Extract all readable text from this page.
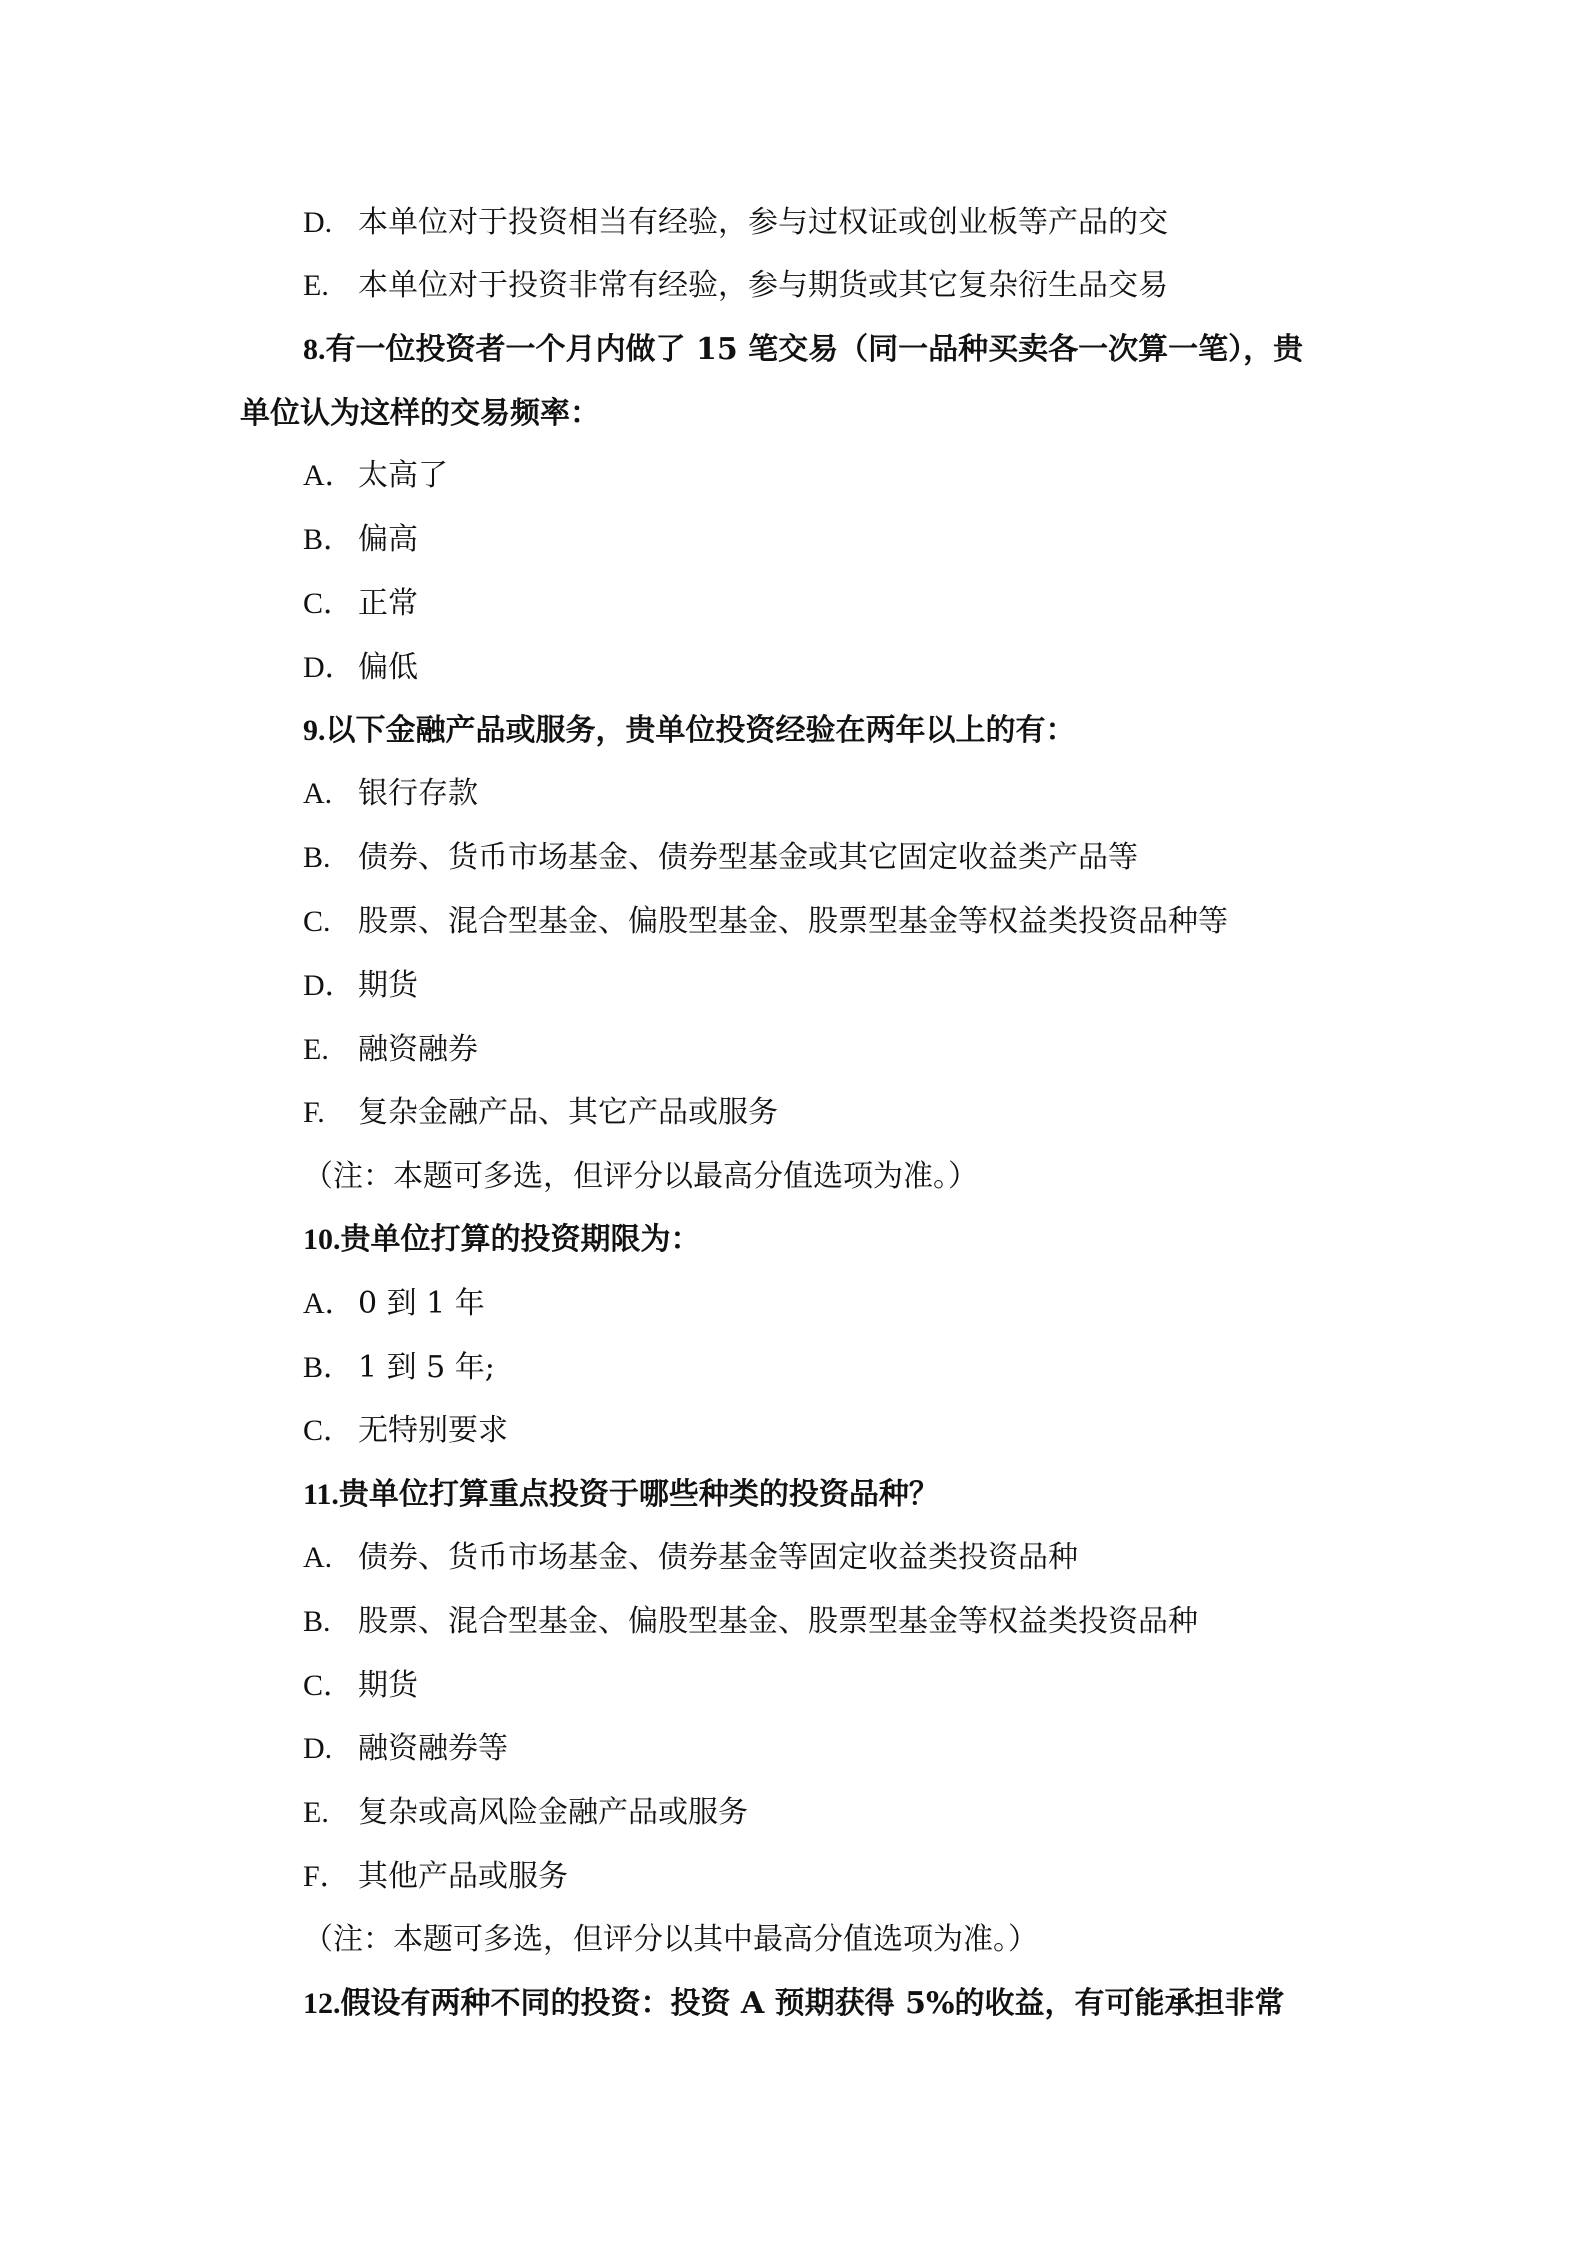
D. 本单位对于投资相当有经验，参与过权证或创业板等产品的交
E. 本单位对于投资非常有经验，参与期货或其它复杂衍生品交易
8.有一位投资者一个月内做了 15 笔交易（同一品种买卖各一次算一笔），贵
单位认为这样的交易频率：
A． 太高了
B． 偏高
C． 正常
D． 偏低
9.以下金融产品或服务，贵单位投资经验在两年以上的有：
A. 银行存款
B. 债券、货币市场基金、债券型基金或其它固定收益类产品等
C. 股票、混合型基金、偏股型基金、股票型基金等权益类投资品种等
D． 期货
E. 融资融券
F. 复杂金融产品、其它产品或服务
（注：本题可多选，但评分以最高分值选项为准。）
10.贵单位打算的投资期限为：
A． 0 到 1 年
B． 1 到 5 年;
C． 无特别要求
11.贵单位打算重点投资于哪些种类的投资品种？
A. 债券、货币市场基金、债券基金等固定收益类投资品种
B. 股票、混合型基金、偏股型基金、股票型基金等权益类投资品种
C． 期货
D. 融资融券等
E. 复杂或高风险金融产品或服务
F． 其他产品或服务
（注：本题可多选，但评分以其中最高分值选项为准。）
12.假设有两种不同的投资：投资 A 预期获得 5%的收益，有可能承担非常
